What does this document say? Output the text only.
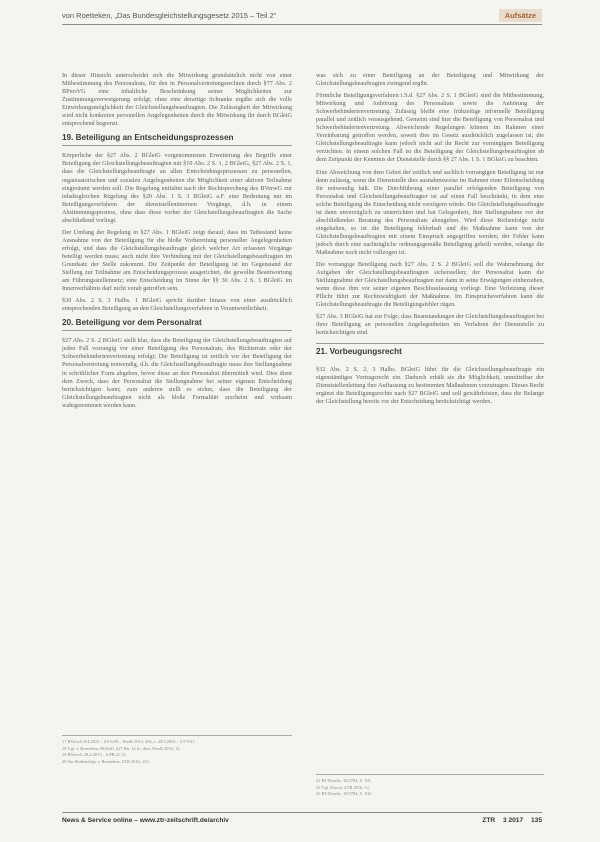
von Roetteken, „Das Bundesgleichstellungsgesetz 2015 – Teil 2“	Aufsätze

In dieser Hinsicht unterscheidet sich die Mitwirkung grundsätzlich nicht von einer Mitbestimmung des Personalrats, für den in Personalvertretungsrechten durch §77 Abs. 2 BPersVG eine inhaltliche Beschränkung seiner Möglichkeiten zur Zustimmungsverweigerung erfolgt; ohne eine derartige Schranke ergäbe sich die volle Einwirkungsmöglichkeit der Gleichstellungsbeauftragten. Die Zulässigkeit der Mitwirkung wird nicht konkreten personellen Angelegenheiten durch die Mitwirkung ihr durch BGleiG entsprechend begrenzt.

19. Beteiligung an Entscheidungsprozessen

Körperliche der §27 Abs. 2 BGleiG vorgenommenen Erweiterung des Begriffs einer Beteiligung der Gleichstellungsbeauftragten mit §10 Abs. 2 S. 1, 2 BGleiG, §27 Abs. 2 S. 1, dass die Gleichstellungsbeauftragte an allen Entscheidungsprozessen zu personellen, organisatorischen und sozialen Angelegenheiten die Möglichkeit einer aktiven Teilnahme eingeräumt werden soll. Die Regelung entfaltet nach der Rechtsprechung des BVerwG zur inhaltsgleichen Regelung des §20 Abs. 1 S. 3 BGleiG a.F. eine Bedeutung nur im Beteiligungsverfahren der dienststelleninternen Vorgänge, d.h. in einem Abstimmungsprozess, ohne dass diese vorher der Gleichstellungsbeauftragten die Sache abschließend vorliegt.

Der Umfang der Regelung in §27 Abs. 1 BGleiG zeigt darauf, dass im Tatbestand keine Ausnahme von der Beteiligung für die bloße Vorbereitung personeller Angelegenheiten erfolgt, und dass die Gleichstellungsbeauftragte gleich welcher Art erfassten Vorgänge beteiligt werden muss; auch nicht ihre Verbindung mit der Gleichstellungsbeauftragten im Grundsatz der Stelle zukommt. Die Zeitpunkt der Beteiligung ist im Gegenstand der Stellung zur Teilnahme am Entscheidungsprozess ausgerichtet, die gewollte Beantwortung am Führungsstellennetz; eine Entscheidung im Sinne der §§ 30 Abs. 2 S. 3 BGleiG im Innenverhältnis darf nicht vorab getroffen sein.

§30 Abs. 2 S. 3 Halbs. 1 BGleiG spricht darüber hinaus von einer ausdrücklich entsprechenden Beteiligung an den Gleichstellungsverfahren in Verantwortlichkeit.

20. Beteiligung vor dem Personalrat

§27 Abs. 2 S. 2 BGleiG stellt klar, dass die Beteiligung der Gleichstellungsbeauftragten auf jeden Fall vorrangig vor einer Beteiligung des Personalrats, des Richterrats oder der Schwerbehindertenvertretung erfolgt; Die Beteiligung ist zeitlich vor der Beteiligung der Personalvertretung notwendig, d.h. die Gleichstellungsbeauftragte muss ihre Stellungnahme in schriftlicher Form abgeben, bevor diese an den Personalrat übermittelt wird. Dies dient dem Zweck, dass der Personalrat die Stellungnahme bei seiner eigenen Entscheidung berücksichtigen kann; zum anderen stellt es sicher, dass die Beteiligung der Gleichstellungsbeauftragten nicht als bloße Formalität erscheint und wirksam wahrgenommen werden kann.

was sich zu einer Beteiligung an der Beteiligung und Mitwirkung der Gleichstellungsbeauftragten zwingend ergibt.

Förmliche Beteiligungsverfahren i.S.d. §27 Abs. 2 S. 1 BGleiG sind die Mitbestimmung, Mitwirkung und Anhörung des Personalrats sowie die Anhörung der Schwerbehindertenvertretung. Zulässig bleibt eine frühzeitige informelle Beteiligung parallel und zeitlich vorausgehend. Gemeint sind hier die Beteiligung von Personalrat und Schwerbehindertenvertretung. Abweichende Regelungen können im Rahmen einer Vereinbarung getroffen werden, soweit dies im Gesetz ausdrücklich zugelassen ist; die Gleichstellungsbeauftragte kann jedoch nicht auf ihr Recht zur vorrangigen Beteiligung verzichten. In einem solchen Fall ist die Beteiligung der Gleichstellungsbeauftragten ab dem Zeitpunkt der Kenntnis der Dienststelle durch §§ 27 Abs. 1 S. 1 BGleiG zu beachten.

Eine Abweichung von dem Gebot der zeitlich und sachlich vorrangigen Beteiligung ist nur dann zulässig, wenn die Dienststelle dies ausnahmsweise im Rahmen einer Eilentscheidung für notwendig hält. Die Durchführung einer parallel erfolgenden Beteiligung von Personalrat und Gleichstellungsbeauftragter ist auf einen Fall beschränkt, in dem eine solche Beteiligung die Entscheidung nicht verzögern würde. Die Gleichstellungsbeauftragte ist dann unverzüglich zu unterrichten und hat Gelegenheit, ihre Stellungnahme vor der abschließenden Beratung des Personalrats abzugeben. Wird diese Reihenfolge nicht eingehalten, so ist die Beteiligung fehlerhaft und die Maßnahme kann von der Gleichstellungsbeauftragten mit einem Einspruch angegriffen werden; der Fehler kann jedoch durch eine nachträgliche ordnungsgemäße Beteiligung geheilt werden, solange die Maßnahme noch nicht vollzogen ist.

Die vorrangige Beteiligung nach §27 Abs. 2 S. 2 BGleiG soll die Wahrnehmung der Aufgaben der Gleichstellungsbeauftragten sicherstellen; der Personalrat kann die Stellungnahme der Gleichstellungsbeauftragten nur dann in seine Erwägungen einbeziehen, wenn diese ihm vor seiner eigenen Beschlussfassung vorliegt. Eine Verletzung dieser Pflicht führt zur Rechtswidrigkeit der Maßnahme. Im Einspruchsverfahren kann die Gleichstellungsbeauftragte die Beteiligungsfehler rügen.

§27 Abs. 3 BGleiG hat zur Folge, dass Beanstandungen der Gleichstellungsbeauftragten bei ihrer Beteiligung an personellen Angelegenheiten im Verfahren der Dienststelle zu berücksichtigen sind.

21. Vorbeugungsrecht

§32 Abs. 2 S. 2, 3 Halbs. BGleiG führt für die Gleichstellungsbeauftragte ein eigenständiges Vortragsrecht ein. Dadurch erhält sie die Möglichkeit, unmittelbar der Dienststellenleitung ihre Auffassung zu bestimmten Maßnahmen vorzutragen. Dieses Recht ergänzt die Beteiligungsrechte nach §27 BGleiG und soll gewährleisten, dass die Belange der Gleichstellung bereits vor der Entscheidung berücksichtigt werden.

17 BVerwG 8.4.2010 – 6 P 6.09 – PersR 2010, 204; v. 28.5.2002 – 6 P 9.01.
18 Vgl. v. Roetteken, BGleiG, §27 Rn. 14 ff.; ders. PersR 2016, 12.
19 BVerwG 28.2.2013 – 6 PB 21.12.
20 Zur Reihenfolge v. Roetteken, ZTR 2016, 123.
21 BT-Drucks. 18/3784, S. 101.
22 Vgl. Kirsch, ZTR 2016, 12.
23 BT-Drucks. 18/3784, S. 102.
News & Service online – www.ztr-zeitschrift.de/archiv	ZTR 3 2017 135
